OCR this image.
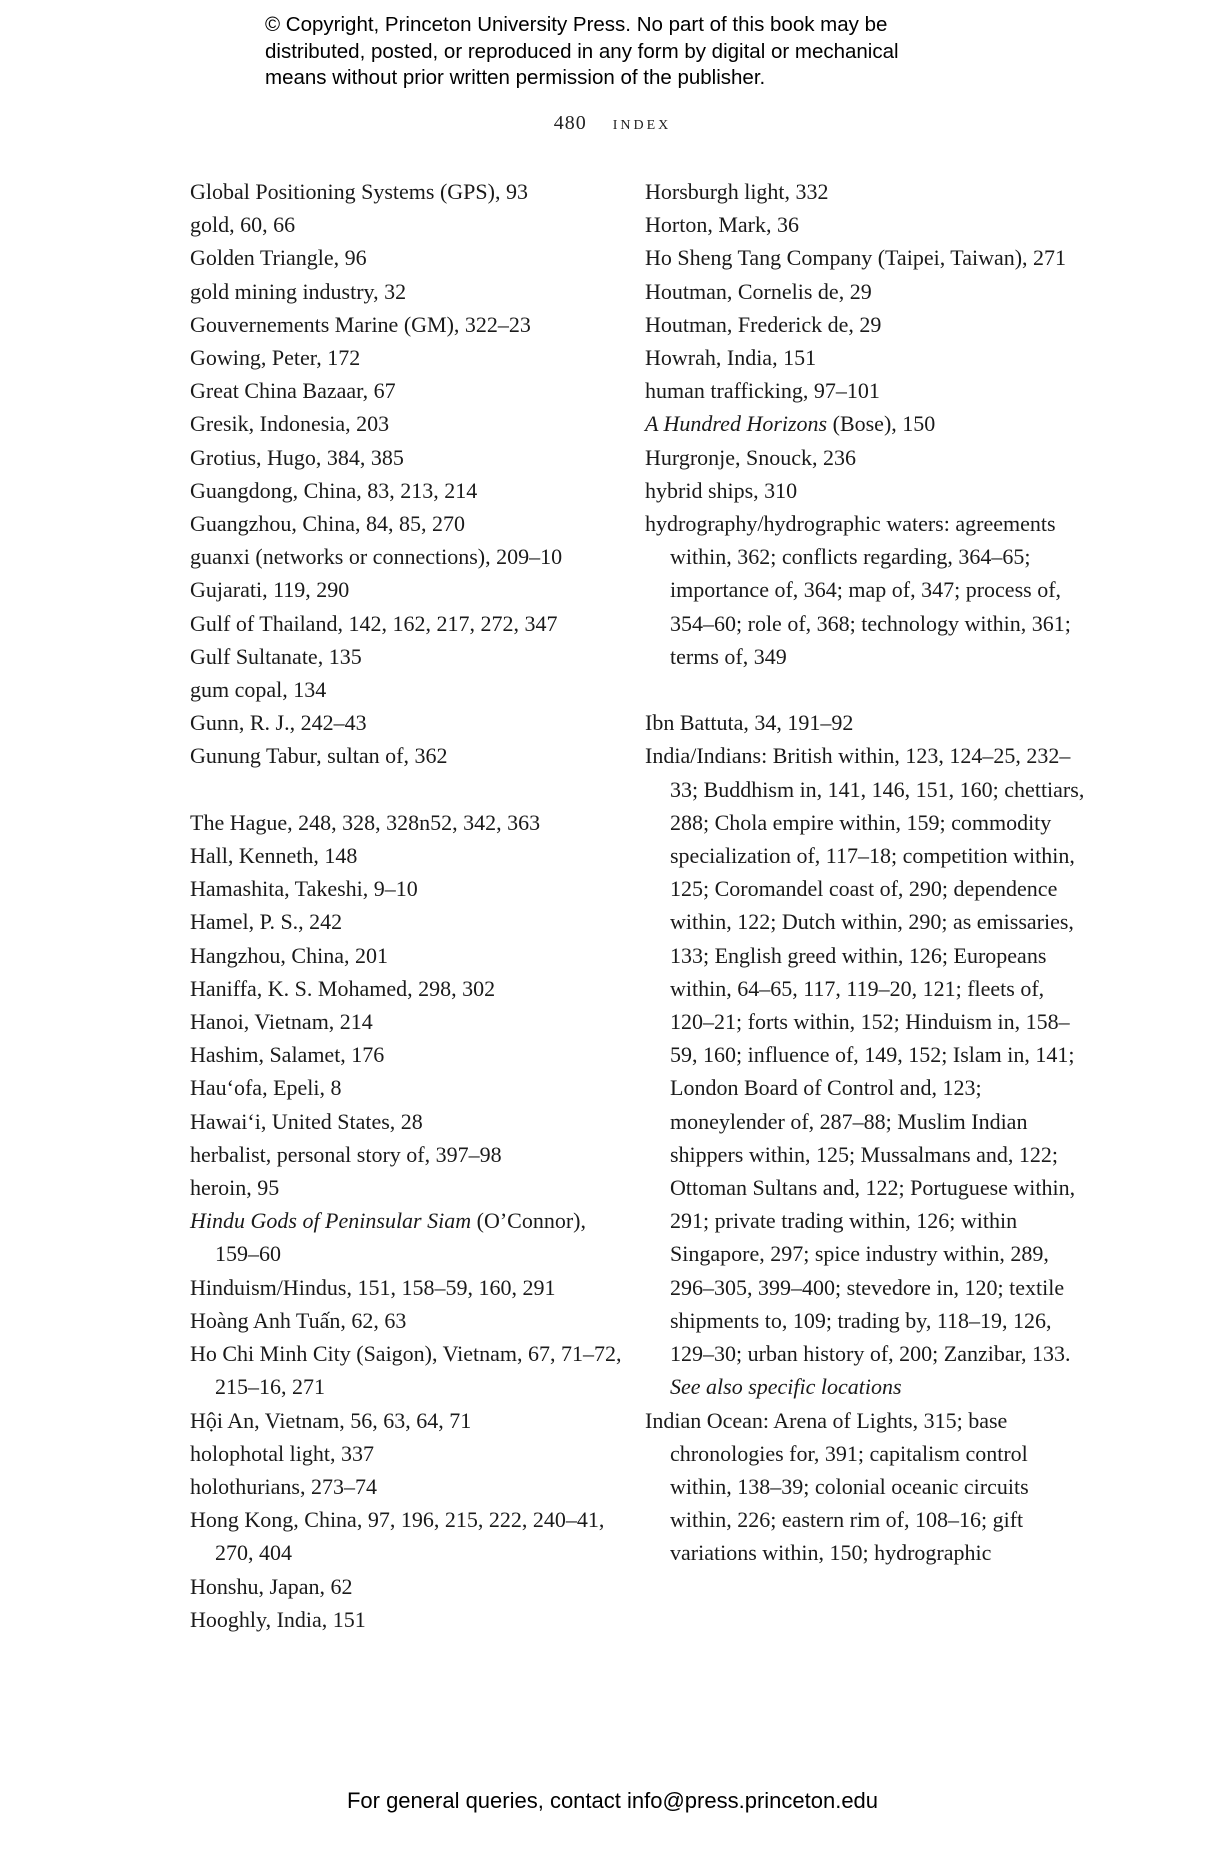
© Copyright, Princeton University Press. No part of this book may be
distributed, posted, or reproduced in any form by digital or mechanical
means without prior written permission of the publisher.
480 index

Global Positioning Systems (GPS), 93

gold, 60, 66

Golden Triangle, 96

gold mining industry, 32

Gouvernements Marine (GM), 322–23

Gowing, Peter, 172

Great China Bazaar, 67

Gresik, Indonesia, 203

Grotius, Hugo, 384, 385

Guangdong, China, 83, 213, 214

Guangzhou, China, 84, 85, 270

guanxi (networks or connections), 209–10

Gujarati, 119, 290

Gulf of Thailand, 142, 162, 217, 272, 347

Gulf Sultanate, 135

gum copal, 134

Gunn, R. J., 242–43

Gunung Tabur, sultan of, 362

The Hague, 248, 328, 328n52, 342, 363

Hall, Kenneth, 148

Hamashita, Takeshi, 9–10

Hamel, P. S., 242

Hangzhou, China, 201

Haniffa, K. S. Mohamed, 298, 302

Hanoi, Vietnam, 214

Hashim, Salamet, 176

Hau‘ofa, Epeli, 8

Hawai‘i, United States, 28

herbalist, personal story of, 397–98

heroin, 95

Hindu Gods of Peninsular Siam (O’Connor), 159–60

Hinduism/Hindus, 151, 158–59, 160, 291

Hoàng Anh Tuấn, 62, 63

Ho Chi Minh City (Saigon), Vietnam, 67, 71–72, 215–16, 271

Hội An, Vietnam, 56, 63, 64, 71

holophotal light, 337

holothurians, 273–74

Hong Kong, China, 97, 196, 215, 222, 240–41, 270, 404

Honshu, Japan, 62

Hooghly, India, 151

Horsburgh light, 332

Horton, Mark, 36

Ho Sheng Tang Company (Taipei, Taiwan), 271

Houtman, Cornelis de, 29

Houtman, Frederick de, 29

Howrah, India, 151

human trafficking, 97–101

A Hundred Horizons (Bose), 150

Hurgronje, Snouck, 236

hybrid ships, 310

hydrography/hydrographic waters: agreements within, 362; conflicts regarding, 364–65; importance of, 364; map of, 347; process of, 354–60; role of, 368; technology within, 361; terms of, 349

Ibn Battuta, 34, 191–92

India/Indians: British within, 123, 124–25, 232–33; Buddhism in, 141, 146, 151, 160; chettiars, 288; Chola empire within, 159; commodity specialization of, 117–18; competition within, 125; Coromandel coast of, 290; dependence within, 122; Dutch within, 290; as emissaries, 133; English greed within, 126; Europeans within, 64–65, 117, 119–20, 121; fleets of, 120–21; forts within, 152; Hinduism in, 158–59, 160; influence of, 149, 152; Islam in, 141; London Board of Control and, 123; moneylender of, 287–88; Muslim Indian shippers within, 125; Mussalmans and, 122; Ottoman Sultans and, 122; Portuguese within, 291; private trading within, 126; within Singapore, 297; spice industry within, 289, 296–305, 399–400; stevedore in, 120; textile shipments to, 109; trading by, 118–19, 126, 129–30; urban history of, 200; Zanzibar, 133. See also specific locations

Indian Ocean: Arena of Lights, 315; base chronologies for, 391; capitalism control within, 138–39; colonial oceanic circuits within, 226; eastern rim of, 108–16; gift variations within, 150; hydrographic

For general queries, contact info@press.princeton.edu
